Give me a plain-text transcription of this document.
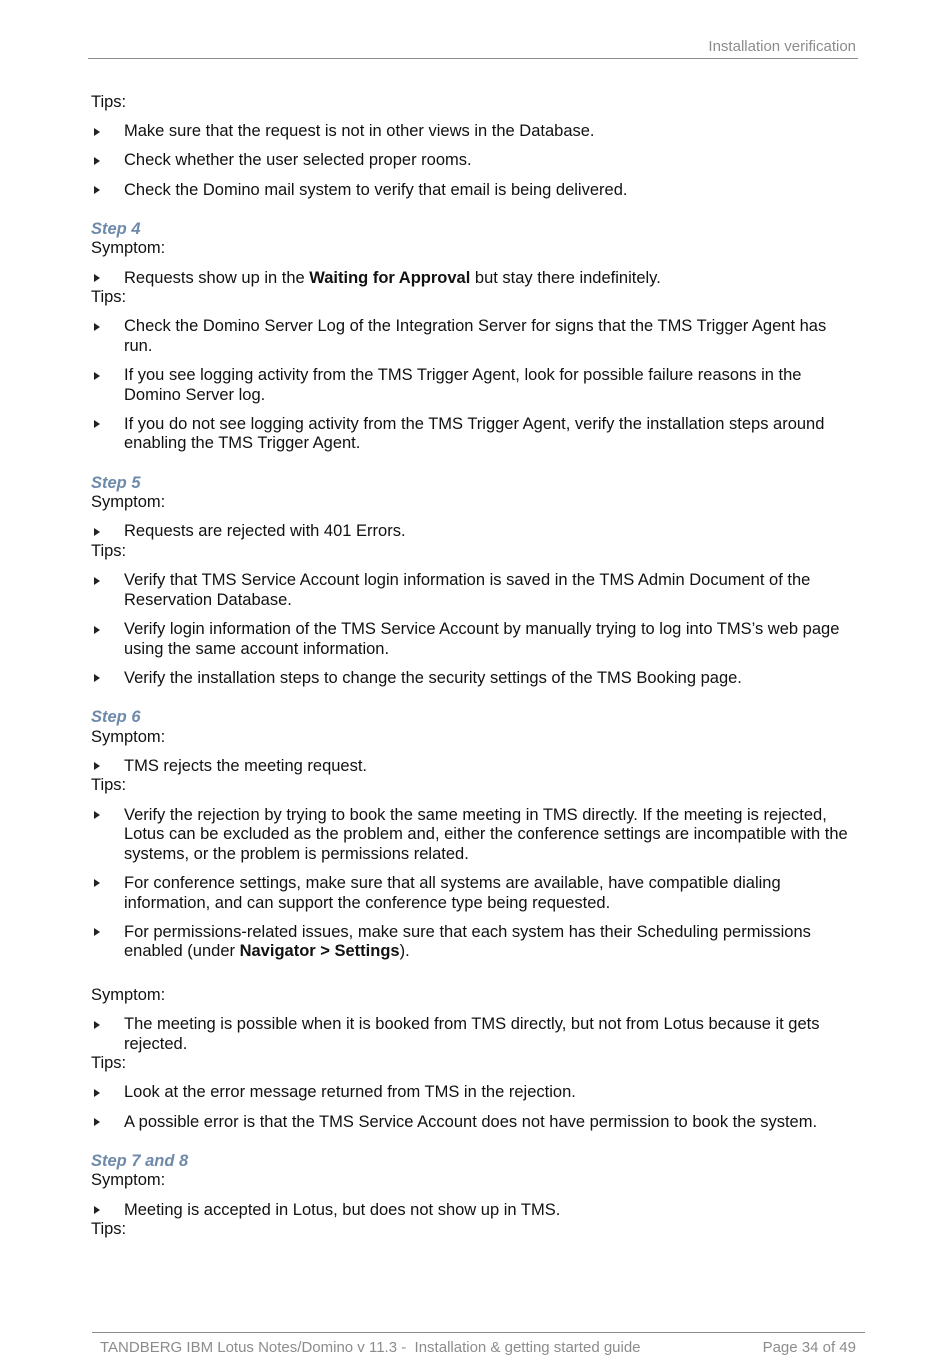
Installation verification

Tips:

Make sure that the request is not in other views in the Database.
Check whether the user selected proper rooms.
Check the Domino mail system to verify that email is being delivered.

Step 4

Symptom:

Requests show up in the Waiting for Approval but stay there indefinitely.

Tips:

Check the Domino Server Log of the Integration Server for signs that the TMS Trigger Agent has run.
If you see logging activity from the TMS Trigger Agent, look for possible failure reasons in the Domino Server log.
If you do not see logging activity from the TMS Trigger Agent, verify the installation steps around enabling the TMS Trigger Agent.

Step 5

Symptom:

Requests are rejected with 401 Errors.

Tips:

Verify that TMS Service Account login information is saved in the TMS Admin Document of the Reservation Database.
Verify login information of the TMS Service Account by manually trying to log into TMS’s web page using the same account information.
Verify the installation steps to change the security settings of the TMS Booking page.

Step 6

Symptom:

TMS rejects the meeting request.

Tips:

Verify the rejection by trying to book the same meeting in TMS directly. If the meeting is rejected, Lotus can be excluded as the problem and, either the conference settings are incompatible with the systems, or the problem is permissions related.
For conference settings, make sure that all systems are available, have compatible dialing information, and can support the conference type being requested.
For permissions-related issues, make sure that each system has their Scheduling permissions enabled (under Navigator > Settings).

Symptom:

The meeting is possible when it is booked from TMS directly, but not from Lotus because it gets rejected.

Tips:

Look at the error message returned from TMS in the rejection.
A possible error is that the TMS Service Account does not have permission to book the system.

Step 7 and 8

Symptom:

Meeting is accepted in Lotus, but does not show up in TMS.

Tips:

TANDBERG IBM Lotus Notes/Domino v 11.3 -  Installation & getting started guide	Page 34 of 49
